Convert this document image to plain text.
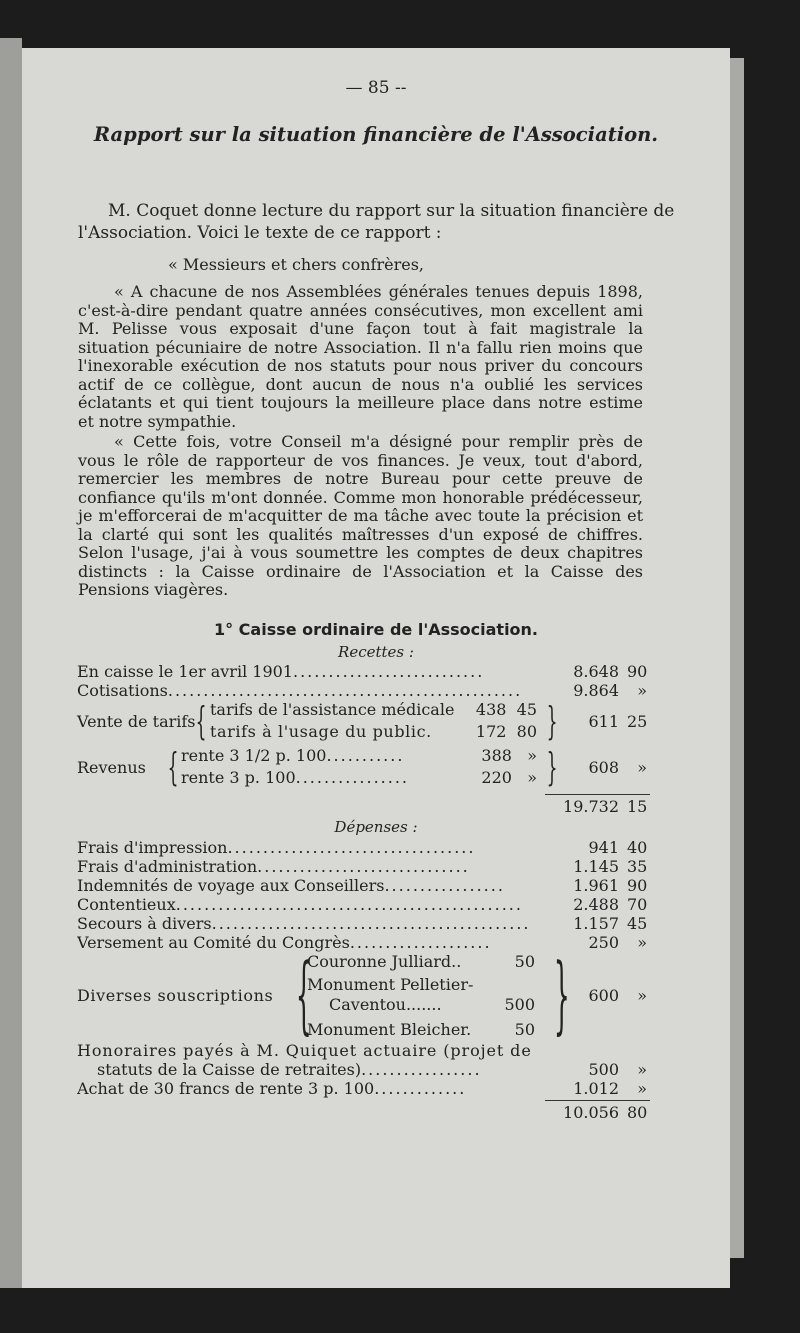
— 85 --
Rapport sur la situation financière de l'Association.
M. Coquet donne lecture du rapport sur la situation financière de
l'Association. Voici le texte de ce rapport :
« Messieurs et chers confrères,
« A chacune de nos Assemblées générales tenues depuis 1898,
c'est-à-dire pendant quatre années consécutives, mon excellent ami
M. Pelisse vous exposait d'une façon tout à fait magistrale la
situation pécuniaire de notre Association. Il n'a fallu rien moins que
l'inexorable exécution de nos statuts pour nous priver du concours
actif de ce collègue, dont aucun de nous n'a oublié les services
éclatants et qui tient toujours la meilleure place dans notre estime
et notre sympathie.
« Cette fois, votre Conseil m'a désigné pour remplir près de
vous le rôle de rapporteur de vos finances. Je veux, tout d'abord,
remercier les membres de notre Bureau pour cette preuve de
confiance qu'ils m'ont donnée. Comme mon honorable prédécesseur,
je m'efforcerai de m'acquitter de ma tâche avec toute la précision et
la clarté qui sont les qualités maîtresses d'un exposé de chiffres.
Selon l'usage, j'ai à vous soumettre les comptes de deux chapitres
distincts : la Caisse ordinaire de l'Association et la Caisse des
Pensions viagères.
1° Caisse ordinaire de l'Association.
Recettes :
En caisse le 1er avril 1901...........................	8.648 90
Cotisations..................................................	9.864	»
Vente de tarifs { tarifs de l'assistance médicale	438 45
tarifs à l'usage du public.	172 80 } 611 25
Revenus { rente 3 1/2 p. 100...........	388 »
rente 3 p. 100................	220 » } 608	»
19.732 15
Dépenses :
Frais d'impression...................................	941 40
Frais d'administration..............................	1.145 35
Indemnités de voyage aux Conseillers.................	1.961 90
Contentieux.................................................	2.488 70
Secours à divers.............................................	1.157 45
Versement au Comité du Congrès....................	250	»
Diverses souscriptions {
Couronne Julliard..	50
Monument Pelletier-
Caventou.......	500
Monument Bleicher.	50 } 600	»
Honoraires payés à M. Quiquet actuaire (projet de
statuts de la Caisse de retraites).................	500	»
Achat de 30 francs de rente 3 p. 100.............	1.012	»
10.056 80
